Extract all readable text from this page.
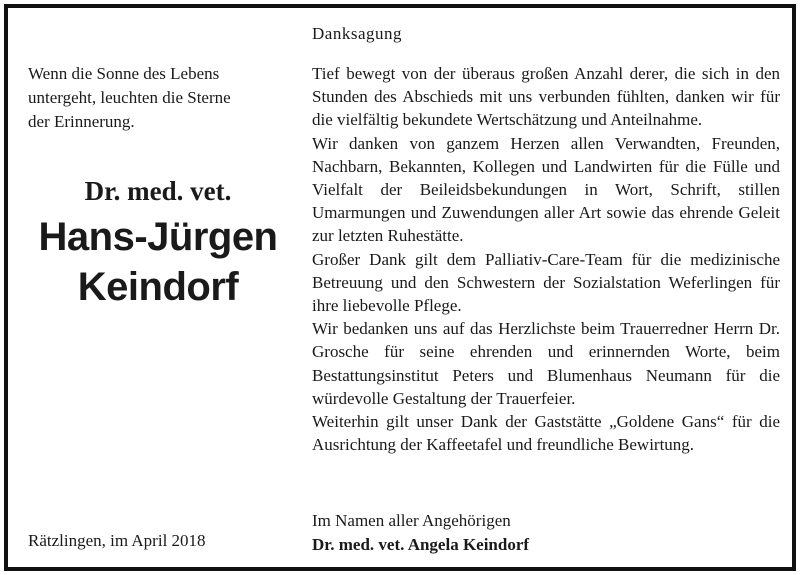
Wenn die Sonne des Lebens
untergeht, leuchten die Sterne
der Erinnerung.
Dr. med. vet.
Hans-Jürgen
Keindorf
Rätzlingen, im April 2018
Danksagung

Tief bewegt von der überaus großen Anzahl derer, die sich in den Stunden des Abschieds mit uns verbunden fühlten, danken wir für die vielfältig bekundete Wertschätzung und Anteilnahme.

Wir danken von ganzem Herzen allen Verwandten, Freunden, Nachbarn, Bekannten, Kollegen und Landwirten für die Fülle und Vielfalt der Beileidsbekundungen in Wort, Schrift, stillen Umarmungen und Zuwendungen aller Art sowie das ehrende Geleit zur letzten Ruhestätte.

Großer Dank gilt dem Palliativ-Care-Team für die medizinische Betreuung und den Schwestern der Sozialstation Weferlingen für ihre liebevolle Pflege.

Wir bedanken uns auf das Herzlichste beim Trauerredner Herrn Dr. Grosche für seine ehrenden und erinnernden Worte, beim Bestattungsinstitut Peters und Blumenhaus Neumann für die würdevolle Gestaltung der Trauerfeier.

Weiterhin gilt unser Dank der Gaststätte „Goldene Gans“ für die Ausrichtung der Kaffeetafel und freundliche Bewirtung.

Im Namen aller Angehörigen
Dr. med. vet. Angela Keindorf
